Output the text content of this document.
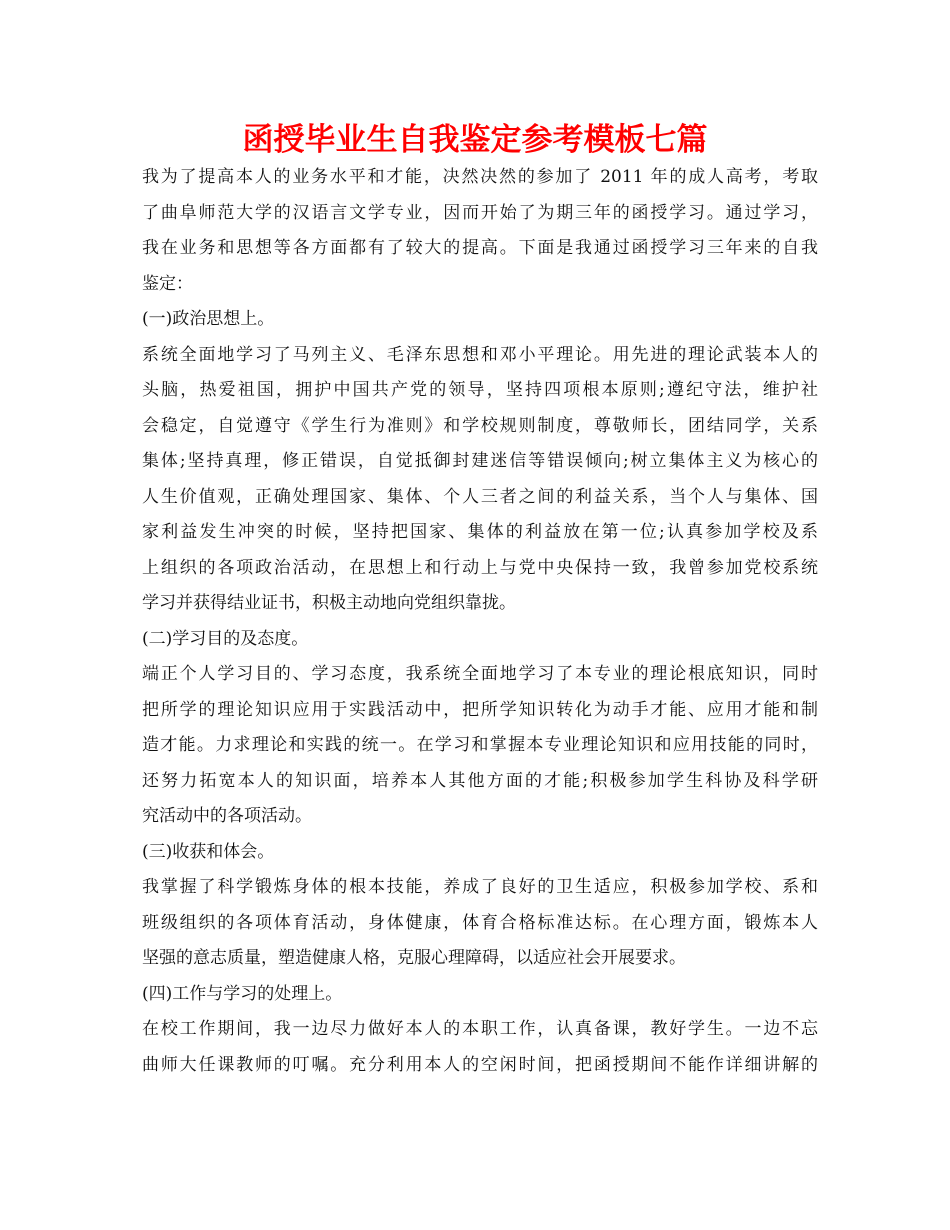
函授毕业生自我鉴定参考模板七篇
我为了提高本人的业务水平和才能，决然决然的参加了 2011 年的成人高考，考取
了曲阜师范大学的汉语言文学专业，因而开始了为期三年的函授学习。通过学习，
我在业务和思想等各方面都有了较大的提高。下面是我通过函授学习三年来的自我
鉴定：
(一)政治思想上。
系统全面地学习了马列主义、毛泽东思想和邓小平理论。用先进的理论武装本人的
头脑，热爱祖国，拥护中国共产党的领导，坚持四项根本原则;遵纪守法，维护社
会稳定，自觉遵守《学生行为准则》和学校规则制度，尊敬师长，团结同学，关系
集体;坚持真理，修正错误，自觉抵御封建迷信等错误倾向;树立集体主义为核心的
人生价值观，正确处理国家、集体、个人三者之间的利益关系，当个人与集体、国
家利益发生冲突的时候，坚持把国家、集体的利益放在第一位;认真参加学校及系
上组织的各项政治活动，在思想上和行动上与党中央保持一致，我曾参加党校系统
学习并获得结业证书，积极主动地向党组织靠拢。
(二)学习目的及态度。
端正个人学习目的、学习态度，我系统全面地学习了本专业的理论根底知识，同时
把所学的理论知识应用于实践活动中，把所学知识转化为动手才能、应用才能和制
造才能。力求理论和实践的统一。在学习和掌握本专业理论知识和应用技能的同时，
还努力拓宽本人的知识面，培养本人其他方面的才能;积极参加学生科协及科学研
究活动中的各项活动。
(三)收获和体会。
我掌握了科学锻炼身体的根本技能，养成了良好的卫生适应，积极参加学校、系和
班级组织的各项体育活动，身体健康，体育合格标准达标。在心理方面，锻炼本人
坚强的意志质量，塑造健康人格，克服心理障碍，以适应社会开展要求。
(四)工作与学习的处理上。
在校工作期间，我一边尽力做好本人的本职工作，认真备课，教好学生。一边不忘
曲师大任课教师的叮嘱。充分利用本人的空闲时间，把函授期间不能作详细讲解的
